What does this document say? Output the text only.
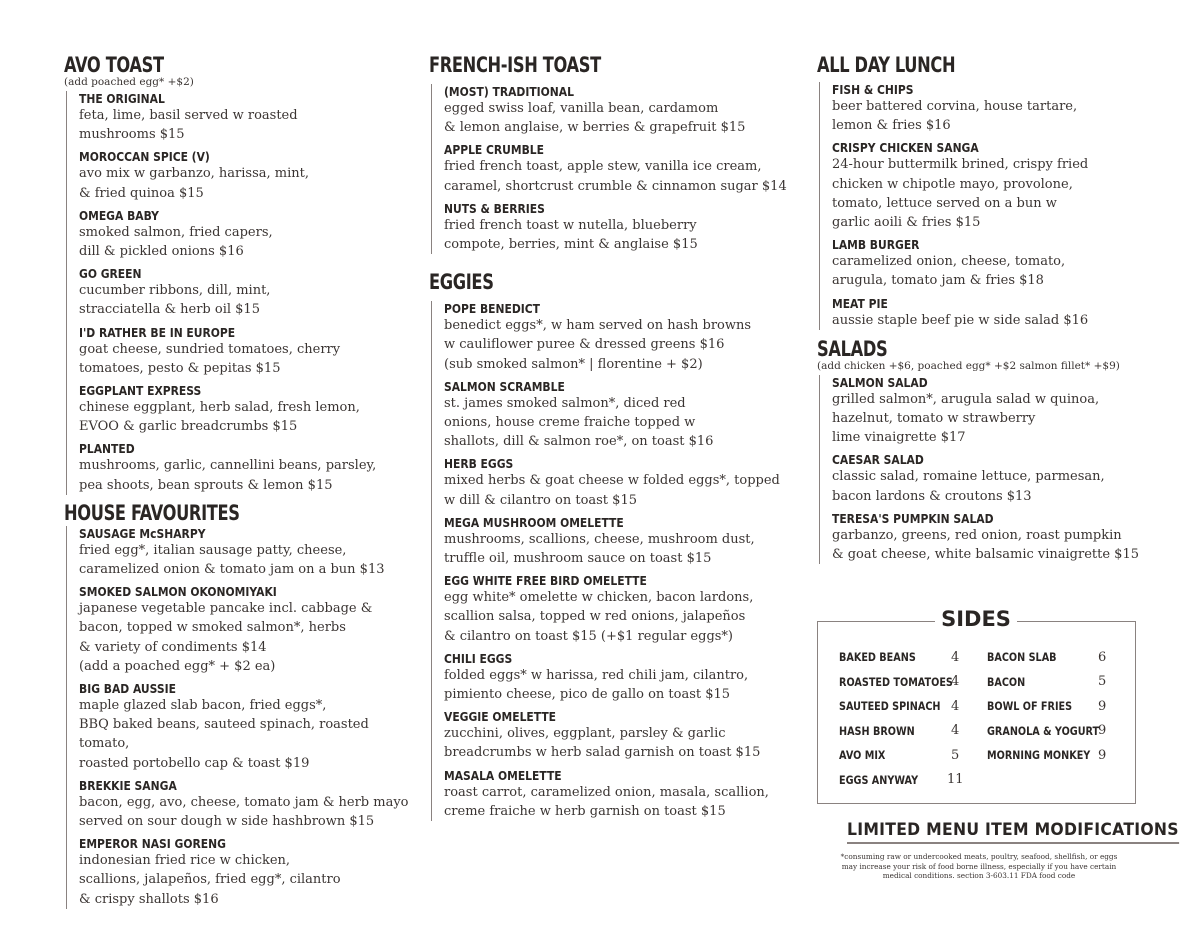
AVO TOAST
(add poached egg* +$2)
THE ORIGINAL
feta, lime, basil served w roasted
mushrooms $15
MOROCCAN SPICE (V)
avo mix w garbanzo, harissa, mint,
& fried quinoa $15
OMEGA BABY
smoked salmon, fried capers,
dill & pickled onions $16
GO GREEN
cucumber ribbons, dill, mint,
stracciatella & herb oil $15
I'D RATHER BE IN EUROPE
goat cheese, sundried tomatoes, cherry
tomatoes, pesto & pepitas $15
EGGPLANT EXPRESS
chinese eggplant, herb salad, fresh lemon,
EVOO & garlic breadcrumbs $15
PLANTED
mushrooms, garlic, cannellini beans, parsley,
pea shoots, bean sprouts & lemon $15
HOUSE FAVOURITES
SAUSAGE McSHARPY
fried egg*, italian sausage patty, cheese,
caramelized onion & tomato jam on a bun $13
SMOKED SALMON OKONOMIYAKI
japanese vegetable pancake incl. cabbage &
bacon, topped w smoked salmon*, herbs
& variety of condiments $14
(add a poached egg* + $2 ea)
BIG BAD AUSSIE
maple glazed slab bacon, fried eggs*,
BBQ baked beans, sauteed spinach, roasted tomato,
roasted portobello cap & toast $19
BREKKIE SANGA
bacon, egg, avo, cheese, tomato jam & herb mayo
served on sour dough w side hashbrown $15
EMPEROR NASI GORENG
indonesian fried rice w chicken,
scallions, jalapeños, fried egg*, cilantro
& crispy shallots $16
FRENCH-ISH TOAST
(MOST) TRADITIONAL
egged swiss loaf, vanilla bean, cardamom
& lemon anglaise, w berries & grapefruit $15
APPLE CRUMBLE
fried french toast, apple stew, vanilla ice cream,
caramel, shortcrust crumble & cinnamon sugar $14
NUTS & BERRIES
fried french toast w nutella, blueberry
compote, berries, mint & anglaise $15
EGGIES
POPE BENEDICT
benedict eggs*, w ham served on hash browns
w cauliflower puree & dressed greens $16
(sub smoked salmon* | florentine + $2)
SALMON SCRAMBLE
st. james smoked salmon*, diced red
onions, house creme fraiche topped w
shallots, dill & salmon roe*, on toast $16
HERB EGGS
mixed herbs & goat cheese w folded eggs*, topped
w dill & cilantro on toast $15
MEGA MUSHROOM OMELETTE
mushrooms, scallions, cheese, mushroom dust,
truffle oil, mushroom sauce on toast $15
EGG WHITE FREE BIRD OMELETTE
egg white* omelette w chicken, bacon lardons,
scallion salsa, topped w red onions, jalapeños
& cilantro on toast $15 (+$1 regular eggs*)
CHILI EGGS
folded eggs* w harissa, red chili jam, cilantro,
pimiento cheese, pico de gallo on toast $15
VEGGIE OMELETTE
zucchini, olives, eggplant, parsley & garlic
breadcrumbs w herb salad garnish on toast $15
MASALA OMELETTE
roast carrot, caramelized onion, masala, scallion,
creme fraiche w herb garnish on toast $15
ALL DAY LUNCH
FISH & CHIPS
beer battered corvina, house tartare,
lemon & fries $16
CRISPY CHICKEN SANGA
24-hour buttermilk brined, crispy fried
chicken w chipotle mayo, provolone,
tomato, lettuce served on a bun w
garlic aoili & fries $15
LAMB BURGER
caramelized onion, cheese, tomato,
arugula, tomato jam & fries $18
MEAT PIE
aussie staple beef pie w side salad $16
SALADS
(add chicken +$6, poached egg* +$2 salmon fillet* +$9)
SALMON SALAD
grilled salmon*, arugula salad w quinoa,
hazelnut, tomato w strawberry
lime vinaigrette $17
CAESAR SALAD
classic salad, romaine lettuce, parmesan,
bacon lardons & croutons $13
TERESA'S PUMPKIN SALAD
garbanzo, greens, red onion, roast pumpkin
& goat cheese, white balsamic vinaigrette $15
SIDES
BAKED BEANS	4
ROASTED TOMATOES
4
SAUTEED SPINACH 4
HASH BROWN	4
AVO MIX	5
EGGS ANYWAY 11
BACON SLAB	6
BACON	5
BOWL OF FRIES 9
GRANOLA & YOGURT
9
MORNING MONKEY 9
LIMITED MENU ITEM MODIFICATIONS
*consuming raw or undercooked meats, poultry, seafood, shellfish, or eggs may increase your risk of food borne illness, especially if you have certain medical conditions. section 3-603.11 FDA food code
